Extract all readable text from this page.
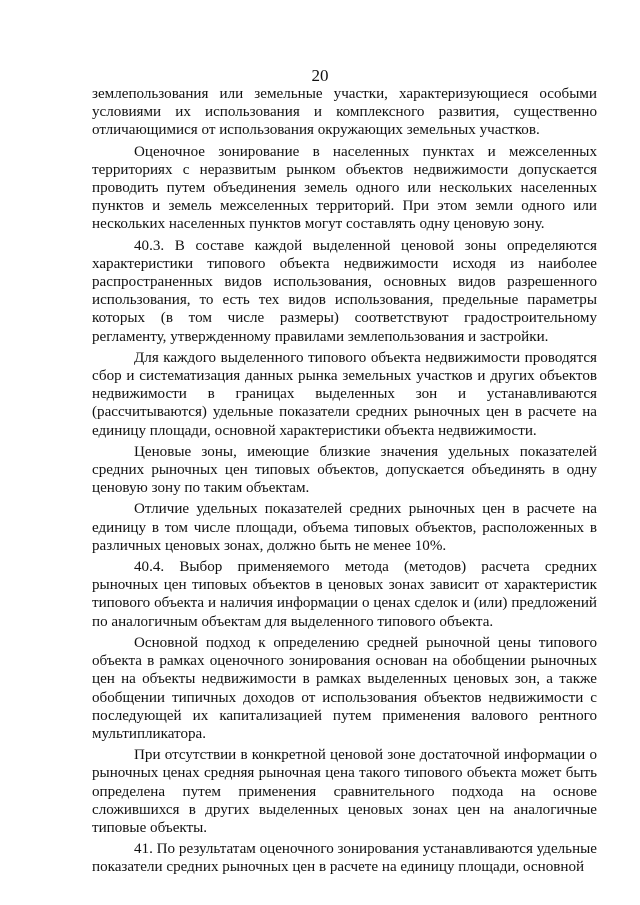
20

землепользования или земельные участки, характеризующиеся особыми условиями их использования и комплексного развития, существенно отличающимися от использования окружающих земельных участков.

Оценочное зонирование в населенных пунктах и межселенных территориях с неразвитым рынком объектов недвижимости допускается проводить путем объединения земель одного или нескольких населенных пунктов и земель межселенных территорий. При этом земли одного или нескольких населенных пунктов могут составлять одну ценовую зону.

40.3. В составе каждой выделенной ценовой зоны определяются характеристики типового объекта недвижимости исходя из наиболее распространенных видов использования, основных видов разрешенного использования, то есть тех видов использования, предельные параметры которых (в том числе размеры) соответствуют градостроительному регламенту, утвержденному правилами землепользования и застройки.

Для каждого выделенного типового объекта недвижимости проводятся сбор и систематизация данных рынка земельных участков и других объектов недвижимости в границах выделенных зон и устанавливаются (рассчитываются) удельные показатели средних рыночных цен в расчете на единицу площади, основной характеристики объекта недвижимости.

Ценовые зоны, имеющие близкие значения удельных показателей средних рыночных цен типовых объектов, допускается объединять в одну ценовую зону по таким объектам.

Отличие удельных показателей средних рыночных цен в расчете на единицу в том числе площади, объема типовых объектов, расположенных в различных ценовых зонах, должно быть не менее 10%.

40.4. Выбор применяемого метода (методов) расчета средних рыночных цен типовых объектов в ценовых зонах зависит от характеристик типового объекта и наличия информации о ценах сделок и (или) предложений по аналогичным объектам для выделенного типового объекта.

Основной подход к определению средней рыночной цены типового объекта в рамках оценочного зонирования основан на обобщении рыночных цен на объекты недвижимости в рамках выделенных ценовых зон, а также обобщении типичных доходов от использования объектов недвижимости с последующей их капитализацией путем применения валового рентного мультипликатора.

При отсутствии в конкретной ценовой зоне достаточной информации о рыночных ценах средняя рыночная цена такого типового объекта может быть определена путем применения сравнительного подхода на основе сложившихся в других выделенных ценовых зонах цен на аналогичные типовые объекты.

41. По результатам оценочного зонирования устанавливаются удельные показатели средних рыночных цен в расчете на единицу площади, основной
